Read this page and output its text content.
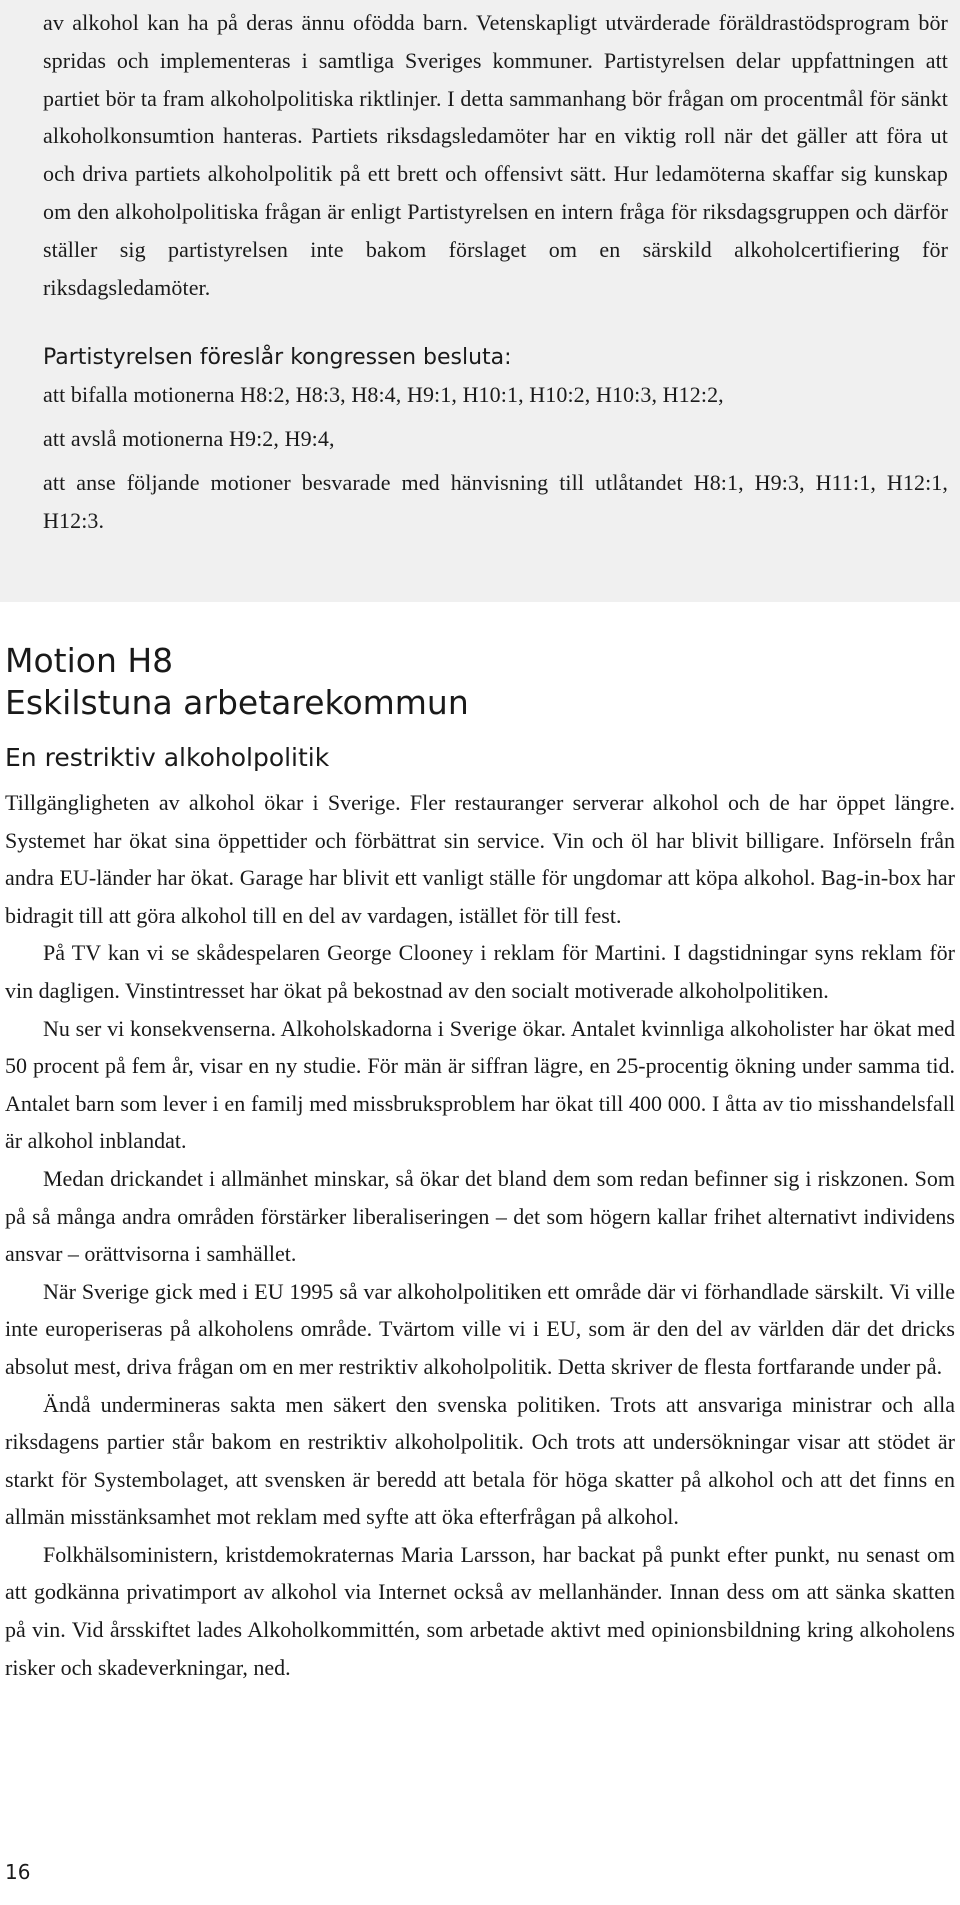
av alkohol kan ha på deras ännu ofödda barn. Vetenskapligt utvärderade föräldrastödsprogram bör spridas och implementeras i samtliga Sveriges kommuner. Partistyrelsen delar uppfattningen att partiet bör ta fram alkoholpolitiska riktlinjer. I detta sammanhang bör frågan om procentmål för sänkt alkoholkonsumtion hanteras. Partiets riksdagsledamöter har en viktig roll när det gäller att föra ut och driva partiets alkoholpolitik på ett brett och offensivt sätt. Hur ledamöterna skaffar sig kunskap om den alkoholpolitiska frågan är enligt Partistyrelsen en intern fråga för riksdagsgruppen och därför ställer sig partistyrelsen inte bakom förslaget om en särskild alkoholcertifiering för riksdagsledamöter.

Partistyrelsen föreslår kongressen besluta:

att bifalla motionerna H8:2, H8:3, H8:4, H9:1, H10:1, H10:2, H10:3, H12:2,

att avslå motionerna H9:2, H9:4,

att anse följande motioner besvarade med hänvisning till utlåtandet H8:1, H9:3, H11:1, H12:1, H12:3.

Motion H8
Eskilstuna arbetarekommun
En restriktiv alkoholpolitik

Tillgängligheten av alkohol ökar i Sverige. Fler restauranger serverar alkohol och de har öppet längre. Systemet har ökat sina öppettider och förbättrat sin service. Vin och öl har blivit billigare. Införseln från andra EU-länder har ökat. Garage har blivit ett vanligt ställe för ungdomar att köpa alkohol. Bag-in-box har bidragit till att göra alkohol till en del av vardagen, istället för till fest.

På TV kan vi se skådespelaren George Clooney i reklam för Martini. I dagstidningar syns reklam för vin dagligen. Vinstintresset har ökat på bekostnad av den socialt motiverade alkoholpolitiken.

Nu ser vi konsekvenserna. Alkoholskadorna i Sverige ökar. Antalet kvinnliga alkoholister har ökat med 50 procent på fem år, visar en ny studie. För män är siffran lägre, en 25-procentig ökning under samma tid. Antalet barn som lever i en familj med missbruksproblem har ökat till 400 000. I åtta av tio misshandelsfall är alkohol inblandat.

Medan drickandet i allmänhet minskar, så ökar det bland dem som redan befinner sig i riskzonen. Som på så många andra områden förstärker liberaliseringen – det som högern kallar frihet alternativt individens ansvar – orättvisorna i samhället.

När Sverige gick med i EU 1995 så var alkoholpolitiken ett område där vi förhandlade särskilt. Vi ville inte europeriseras på alkoholens område. Tvärtom ville vi i EU, som är den del av världen där det dricks absolut mest, driva frågan om en mer restriktiv alkoholpolitik. Detta skriver de flesta fortfarande under på.

Ändå undermineras sakta men säkert den svenska politiken. Trots att ansvariga ministrar och alla riksdagens partier står bakom en restriktiv alkoholpolitik. Och trots att undersökningar visar att stödet är starkt för Systembolaget, att svensken är beredd att betala för höga skatter på alkohol och att det finns en allmän misstänksamhet mot reklam med syfte att öka efterfrågan på alkohol.

Folkhälsoministern, kristdemokraternas Maria Larsson, har backat på punkt efter punkt, nu senast om att godkänna privatimport av alkohol via Internet också av mellanhänder. Innan dess om att sänka skatten på vin. Vid årsskiftet lades Alkoholkommittén, som arbetade aktivt med opinionsbildning kring alkoholens risker och skadeverkningar, ned.

16
